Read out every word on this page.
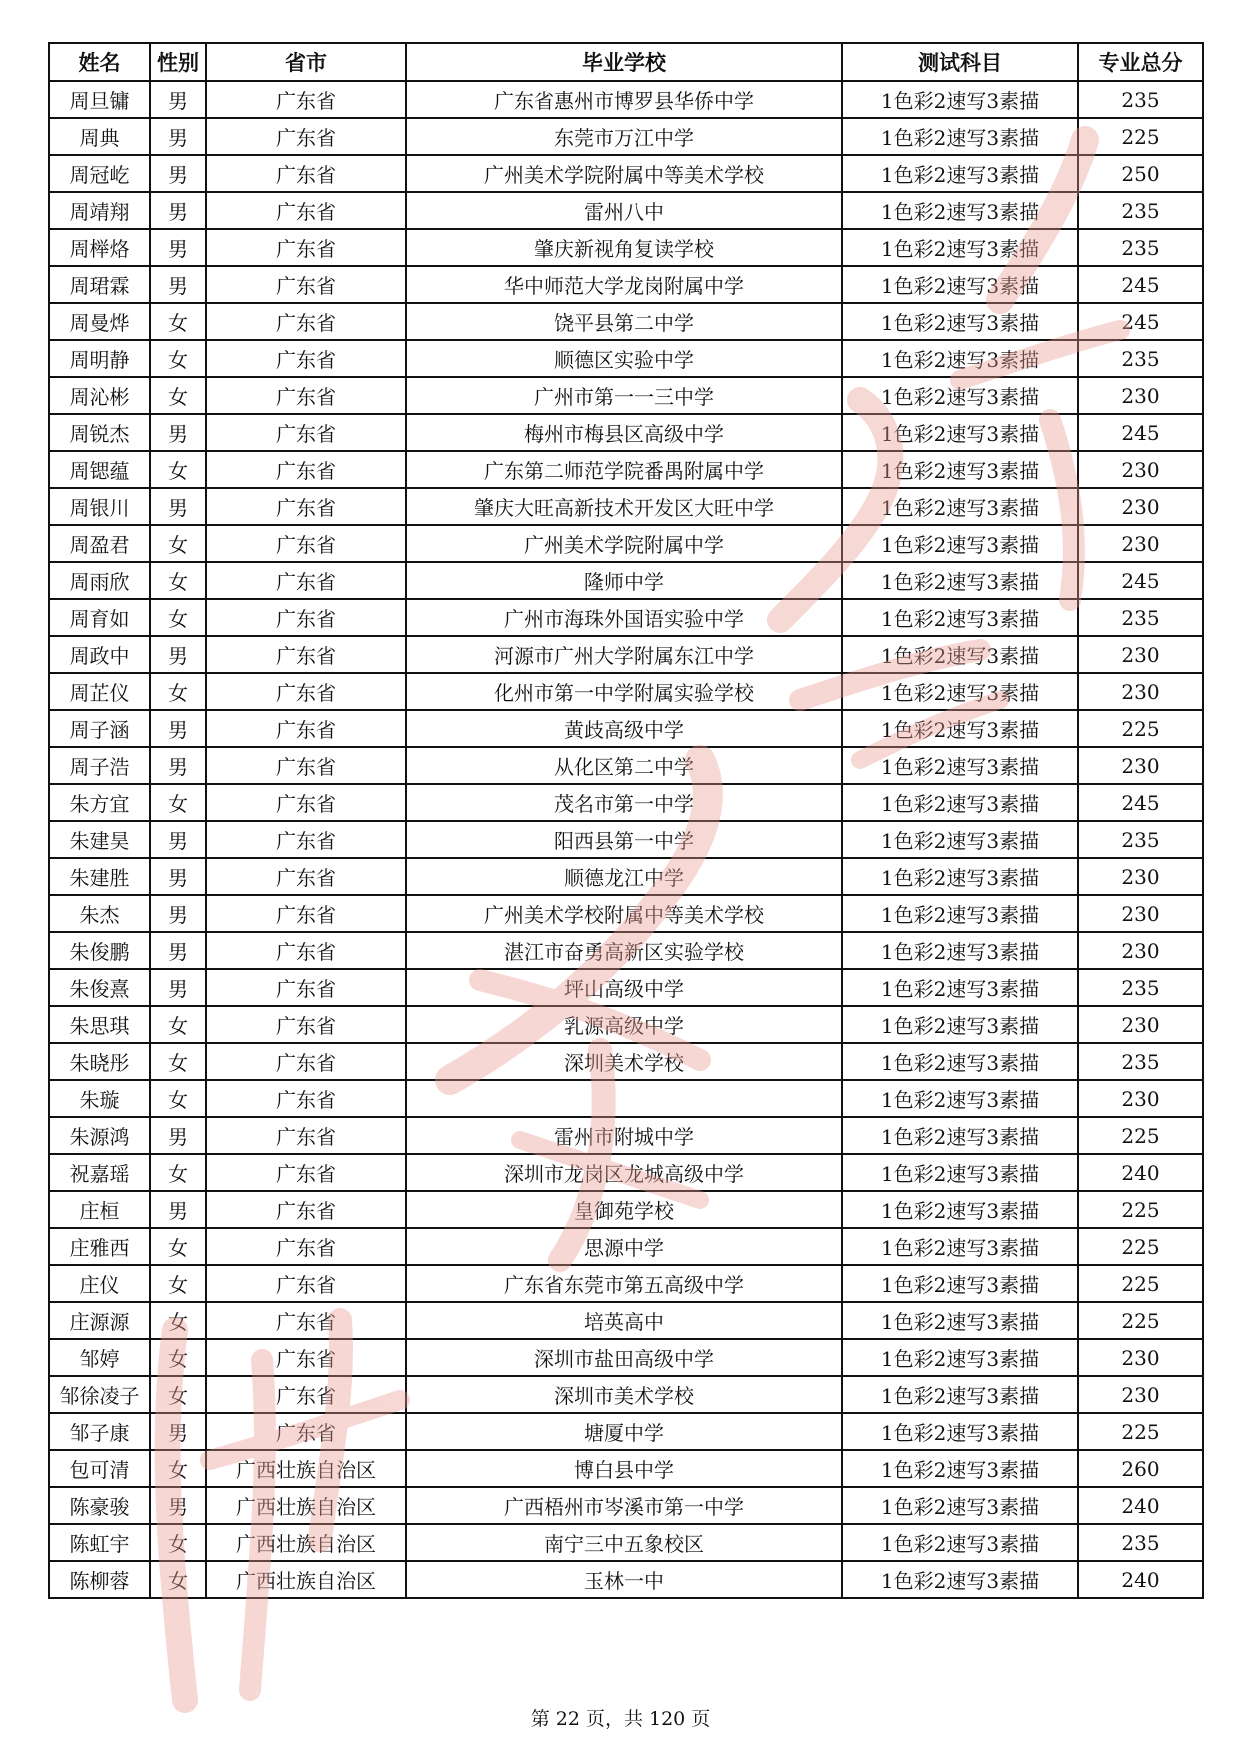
姓名	性别	省市	毕业学校	测试科目	专业总分
周旦镛	男	广东省	广东省惠州市博罗县华侨中学	1色彩2速写3素描	235
周典	男	广东省	东莞市万江中学	1色彩2速写3素描	225
周冠屹	男	广东省	广州美术学院附属中等美术学校	1色彩2速写3素描	250
周靖翔	男	广东省	雷州八中	1色彩2速写3素描	235
周榉烙	男	广东省	肇庆新视角复读学校	1色彩2速写3素描	235
周珺霖	男	广东省	华中师范大学龙岗附属中学	1色彩2速写3素描	245
周曼烨	女	广东省	饶平县第二中学	1色彩2速写3素描	245
周明静	女	广东省	顺德区实验中学	1色彩2速写3素描	235
周沁彬	女	广东省	广州市第一一三中学	1色彩2速写3素描	230
周锐杰	男	广东省	梅州市梅县区高级中学	1色彩2速写3素描	245
周锶蕴	女	广东省	广东第二师范学院番禺附属中学	1色彩2速写3素描	230
周银川	男	广东省	肇庆大旺高新技术开发区大旺中学	1色彩2速写3素描	230
周盈君	女	广东省	广州美术学院附属中学	1色彩2速写3素描	230
周雨欣	女	广东省	隆师中学	1色彩2速写3素描	245
周育如	女	广东省	广州市海珠外国语实验中学	1色彩2速写3素描	235
周政中	男	广东省	河源市广州大学附属东江中学	1色彩2速写3素描	230
周芷仪	女	广东省	化州市第一中学附属实验学校	1色彩2速写3素描	230
周子涵	男	广东省	黄歧高级中学	1色彩2速写3素描	225
周子浩	男	广东省	从化区第二中学	1色彩2速写3素描	230
朱方宜	女	广东省	茂名市第一中学	1色彩2速写3素描	245
朱建昊	男	广东省	阳西县第一中学	1色彩2速写3素描	235
朱建胜	男	广东省	顺德龙江中学	1色彩2速写3素描	230
朱杰	男	广东省	广州美术学校附属中等美术学校	1色彩2速写3素描	230
朱俊鹏	男	广东省	湛江市奋勇高新区实验学校	1色彩2速写3素描	230
朱俊熹	男	广东省	坪山高级中学	1色彩2速写3素描	235
朱思琪	女	广东省	乳源高级中学	1色彩2速写3素描	230
朱晓彤	女	广东省	深圳美术学校	1色彩2速写3素描	235
朱璇	女	广东省		1色彩2速写3素描	230
朱源鸿	男	广东省	雷州市附城中学	1色彩2速写3素描	225
祝嘉瑶	女	广东省	深圳市龙岗区龙城高级中学	1色彩2速写3素描	240
庄桓	男	广东省	皇御苑学校	1色彩2速写3素描	225
庄雅西	女	广东省	思源中学	1色彩2速写3素描	225
庄仪	女	广东省	广东省东莞市第五高级中学	1色彩2速写3素描	225
庄源源	女	广东省	培英高中	1色彩2速写3素描	225
邹婷	女	广东省	深圳市盐田高级中学	1色彩2速写3素描	230
邹徐凌子	女	广东省	深圳市美术学校	1色彩2速写3素描	230
邹子康	男	广东省	塘厦中学	1色彩2速写3素描	225
包可清	女	广西壮族自治区	博白县中学	1色彩2速写3素描	260
陈豪骏	男	广西壮族自治区	广西梧州市岑溪市第一中学	1色彩2速写3素描	240
陈虹宇	女	广西壮族自治区	南宁三中五象校区	1色彩2速写3素描	235
陈柳蓉	女	广西壮族自治区	玉林一中	1色彩2速写3素描	240
第 22 页，共 120 页
